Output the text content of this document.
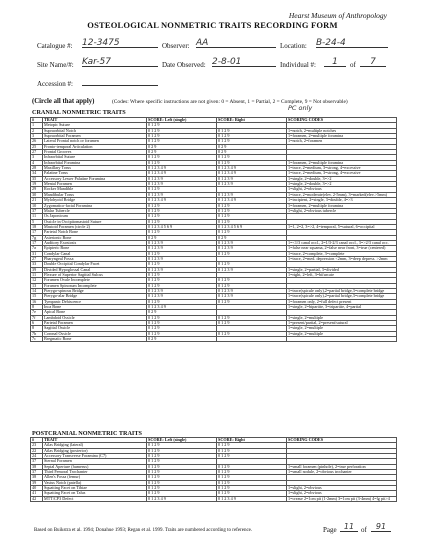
Hearst Museum of Anthropology
OSTEOLOGICAL NONMETRIC TRAITS RECORDING FORM
Catalogue #: 12-3475	Observer: AA	Location: B-24-4
Site Name/#: Kar-57	Date Observed: 2-8-01	Individual #:	1	of	7
Accession #:
(Circle all that apply)	(Codes: Where specific instructions are not given: 0 = Absent, 1 = Partial, 2 = Complete, 9 = Not observable)
PC only
CRANIAL NONMETRIC TRAITS
#	TRAIT	SCORE: Left (single)	SCORE: Right	SCORING CODES
1	Metopic Suture	0 1 2 9		
2	Supraorbital Notch	0 1 2 9	0 1 2 9	1=notch, 2=multiple notches
3	Supraorbital Foramen	0 1 2 9	0 1 2 9	1=foramen, 2=multiple foramina
26	Lateral Frontal notch or foramen	0 1 2 9	0 1 2 9	1=notch, 2=foramen
25	Fronto-temporal Articulation	0 2 9	0 2 9	
27	Frontal Grooves	0 2 9	0 2 9	
3	Infraorbital Suture	0 1 2 9	0 1 2 9	
4	Infraorbital Foramina	0 1 2 9	0 1 2 9	1=foramen, 2=multiple foramina
28	Maxillary Torus	0 1 2 3 4 9	0 1 2 3 4 9	1=trace, 2=medium, 3=strong, 4=excessive
34	Palatine Torus	0 1 2 3 4 9	0 1 2 3 4 9	1=trace, 2=medium, 3=strong, 4=excessive
35	Accessory Lesser Palatine Foramina	0 1 2 3 9	0 1 2 3 9	1=single, 2=double, 3=>2
19	Mental Foramen	0 1 2 3 9	0 1 2 3 9	1=single, 2=double, 3=>2
29	Rocker Mandible	0 1 2 9		1=slight, 2=obvious
30	Mandibular Torus	0 1 2 3 9	0 1 2 3 9	1=trace, 2=moderate(elev. 2-5mm), 3=marked(elev.>5mm)
21	Mylohyoid Bridge	0 1 2 3 4 9	0 1 2 3 4 9	1=incipient, 2=single, 3=double, 4=>3
10	Zygomatico-facial Foramina	0 1 2 9	0 1 2 9	1=foramen, 2=multiple foramina
37	Malar Tubercle	0 1 2 9	0 1 2 9	1=slight, 2=obvious tubercle
11	Os Japonicum	0 1 2 9	0 1 2 9	
5	Ossicle in Occipitomastoid Suture	0 1 2 9	0 1 2 9	
18	Mastoid Foramen (circle 2)	0 1 2 3 4 5 6 9	0 1 2 3 4 5 6 9	1=1, 2=2, 3=>2, 4=temporal, 5=sutural, 6=occipital
17	Parietal Notch Bone	0 1 2 9	0 1 2 9	
7g	Asterionic Bone	0 2 9	0 2 9	
17	Auditory Exostosis	0 1 2 3 9	0 1 2 3 9	1=<1/3 canal occl., 2=1/3-2/3 canal occl., 3=>2/3 canal occ.
7a	Epipteric Bone	0 1 2 3 9	0 1 2 3 9	1=false near squama, 2=false near front, 3=true (centered)
31	Condylar Canal	0 1 2 9	0 1 2 9	1=trace, 2=complete, 3=complete
27	Pharyngeal Fossa	0 1 2 3 9		1=trace, 2=med. depression <2mm, 3=deep depress. >2mm
33	Double Occipital Condylar Facet	0 1 2 9	0 1 2 9	
39	Divided Hypoglossal Canal	0 1 2 3 9	0 1 2 3 9	1=single, 2=partial, 3=divided
11	Flexure of Superior Sagittal Sulcus	0 1 2 9		1=right, 2=left, 3=bifurcate
12	Foramen Ovale Incomplete	0 1 2 9	0 1 2 9	
13	Foramen Spinosum Incomplete	0 1 2 9	0 1 2 9	
14	Pterygo-spinous Bridge	0 1 2 3 9	0 1 2 3 9	1=trace(spicule only),2=partial bridge,3=complete bridge
15	Pterygo-alar Bridge	0 1 2 3 9	0 1 2 3 9	1=trace(spicule only),2=partial bridge,3=complete bridge
16	Tympanic Dehiscence	0 1 2 9	0 1 2 9	1=foramen only, 2=full defect present
8	Inca Bone	0 1 2 3 4 9		1=single, 2=bipartite, 3=tripartite, 4=partial
7e	Apical Bone	0 2 9		
7f	Lambdoid Ossicle	0 1 2 9	0 1 2 9	1=single, 2=multiple
6	Parietal Foramen	0 1 2 9	0 1 2 9	1=present/partial, 2=present/sutural
8	Sagittal Ossicle	0 1 2 9		1=single, 2=multiple
7b	Coronal Ossicle	0 1 2 9	0 1 2 9	1=single, 2=multiple
7c	Bregmatic Bone	0 2 9		
POSTCRANIAL NONMETRIC TRAITS
#	TRAIT	SCORE: Left (single)	SCORE: Right	SCORING CODES
23	Atlas Bridging (lateral)	0 1 2 9	0 1 2 9	
22	Atlas Bridging (posterior)	0 1 2 9	0 1 2 9	
24	Accessory Transverse Foramina (C7)	0 1 2 9	0 1 2 9	
37	Sternal Foramen	0 1 2 9		
38	Septal Aperture (humerus)	0 1 2 9	0 1 2 9	1=small foramen (pinhole), 2=true perforation
37	Third Femoral Trochanter	0 1 2 9	0 1 2 9	1=small nodule, 2=obvious trochanter
38	Allen's Fossa (femur)	0 1 2 9	0 1 2 9	
39	Vastus Notch (patella)	0 1 2 9	0 1 2 9	
40	Squatting Facet on Tibiae	0 1 2 9	0 1 2 9	1=slight, 2=obvious
41	Squatting Facet on Talus	0 1 2 9	0 1 2 9	1=slight, 2=obvious
42	MTT/CP3 Defect	0 1 2 3 4 9	0 1 2 3 4 9	1=crease 2=1cm pit (1-2mm) 3=1cm pit (3-4mm) 4=lg pit>4
Based on Buikstra et al. 1994; Donahue 1993; Regan et al. 1999. Traits are numbered according to reference.	Page 11 of	91
